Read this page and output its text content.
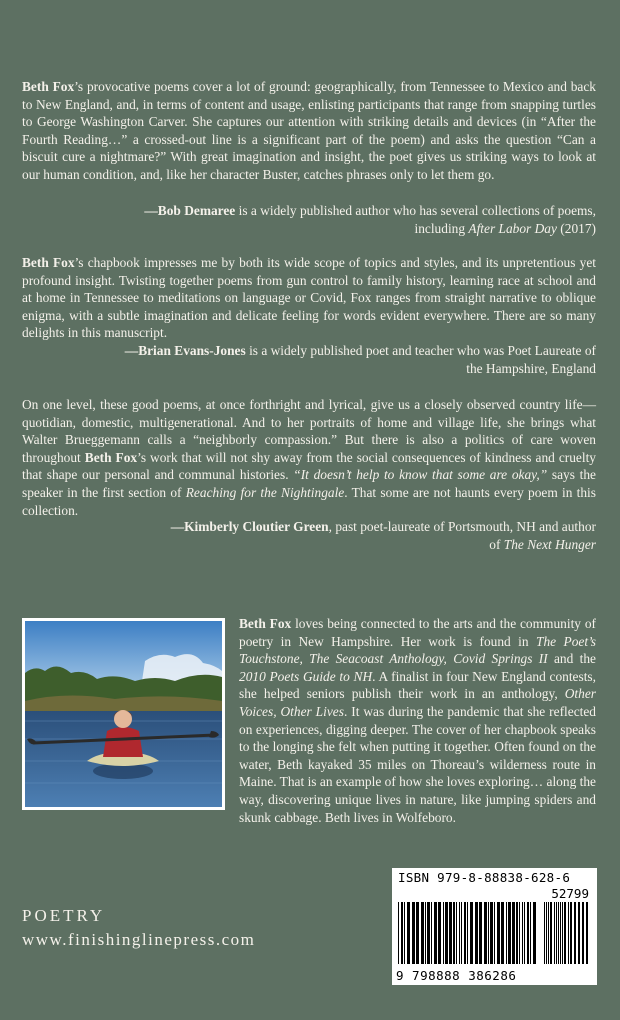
Beth Fox’s provocative poems cover a lot of ground: geographically, from Tennessee to Mexico and back to New England, and, in terms of content and usage, enlisting participants that range from snapping turtles to George Washington Carver. She captures our attention with striking details and devices (in “After the Fourth Reading…” a crossed-out line is a significant part of the poem) and asks the question “Can a biscuit cure a nightmare?” With great imagination and insight, the poet gives us striking ways to look at our human condition, and, like her character Buster, catches phrases only to let them go.

—Bob Demaree is a widely published author who has several collections of poems, including After Labor Day (2017)

Beth Fox’s chapbook impresses me by both its wide scope of topics and styles, and its unpretentious yet profound insight. Twisting together poems from gun control to family history, learning race at school and at home in Tennessee to meditations on language or Covid, Fox ranges from straight narrative to oblique enigma, with a subtle imagination and delicate feeling for words evident everywhere. There are so many delights in this manuscript.

—Brian Evans-Jones is a widely published poet and teacher who was Poet Laureate of the Hampshire, England

On one level, these good poems, at once forthright and lyrical, give us a closely observed country life—quotidian, domestic, multigenerational. And to her portraits of home and village life, she brings what Walter Brueggemann calls a “neighborly compassion.” But there is also a politics of care woven throughout Beth Fox’s work that will not shy away from the social consequences of kindness and cruelty that shape our personal and communal histories. “It doesn’t help to know that some are okay,” says the speaker in the first section of Reaching for the Nightingale. That some are not haunts every poem in this collection.

—Kimberly Cloutier Green, past poet-laureate of Portsmouth, NH and author of The Next Hunger

Beth Fox loves being connected to the arts and the community of poetry in New Hampshire. Her work is found in The Poet’s Touchstone, The Seacoast Anthology, Covid Springs II and the 2010 Poets Guide to NH. A finalist in four New England contests, she helped seniors publish their work in an anthology, Other Voices, Other Lives. It was during the pandemic that she reflected on experiences, digging deeper. The cover of her chapbook speaks to the longing she felt when putting it together. Often found on the water, Beth kayaked 35 miles on Thoreau’s wilderness route in Maine. That is an example of how she loves exploring… along the way, discovering unique lives in nature, like jumping spiders and skunk cabbage. Beth lives in Wolfeboro.

POETRY

www.finishinglinepress.com

ISBN 979-8-88838-628-6
52799
9 798888 386286
